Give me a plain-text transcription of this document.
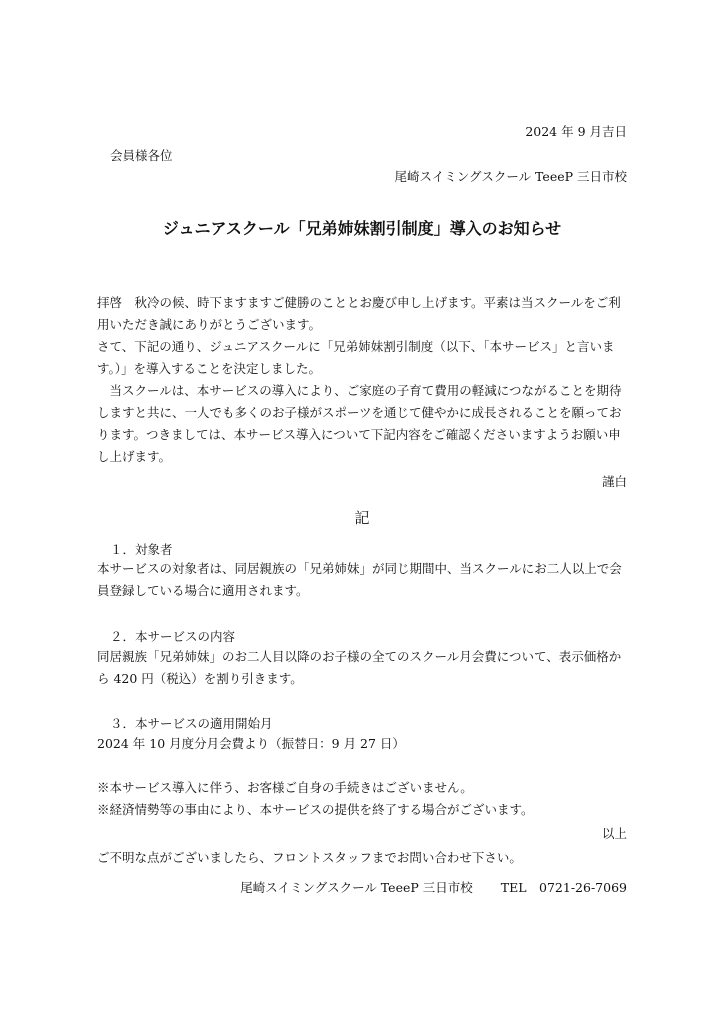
2024 年 9 月吉日
会員様各位
尾崎スイミングスクール TeeeP 三日市校
ジュニアスクール「兄弟姉妹割引制度」導入のお知らせ

拝啓　秋冷の候、時下ますますご健勝のこととお慶び申し上げます。平素は当スクールをご利用いただき誠にありがとうございます。

さて、下記の通り、ジュニアスクールに「兄弟姉妹割引制度（以下、「本サービス」と言います。）」を導入することを決定しました。

　当スクールは、本サービスの導入により、ご家庭の子育て費用の軽減につながることを期待しますと共に、一人でも多くのお子様がスポーツを通じて健やかに成長されることを願っております。つきましては、本サービス導入について下記内容をご確認くださいますようお願い申し上げます。

謹白
記
１．対象者
本サービスの対象者は、同居親族の「兄弟姉妹」が同じ期間中、当スクールにお二人以上で会員登録している場合に適用されます。
２．本サービスの内容
同居親族「兄弟姉妹」のお二人目以降のお子様の全てのスクール月会費について、表示価格から 420 円（税込）を割り引きます。
３．本サービスの適用開始月
2024 年 10 月度分月会費より（振替日：9 月 27 日）

※本サービス導入に伴う、お客様ご自身の手続きはございません。

※経済情勢等の事由により、本サービスの提供を終了する場合がございます。

以上
ご不明な点がございましたら、フロントスタッフまでお問い合わせ下さい。
尾崎スイミングスクール TeeeP 三日市校 TEL　0721-26-7069
